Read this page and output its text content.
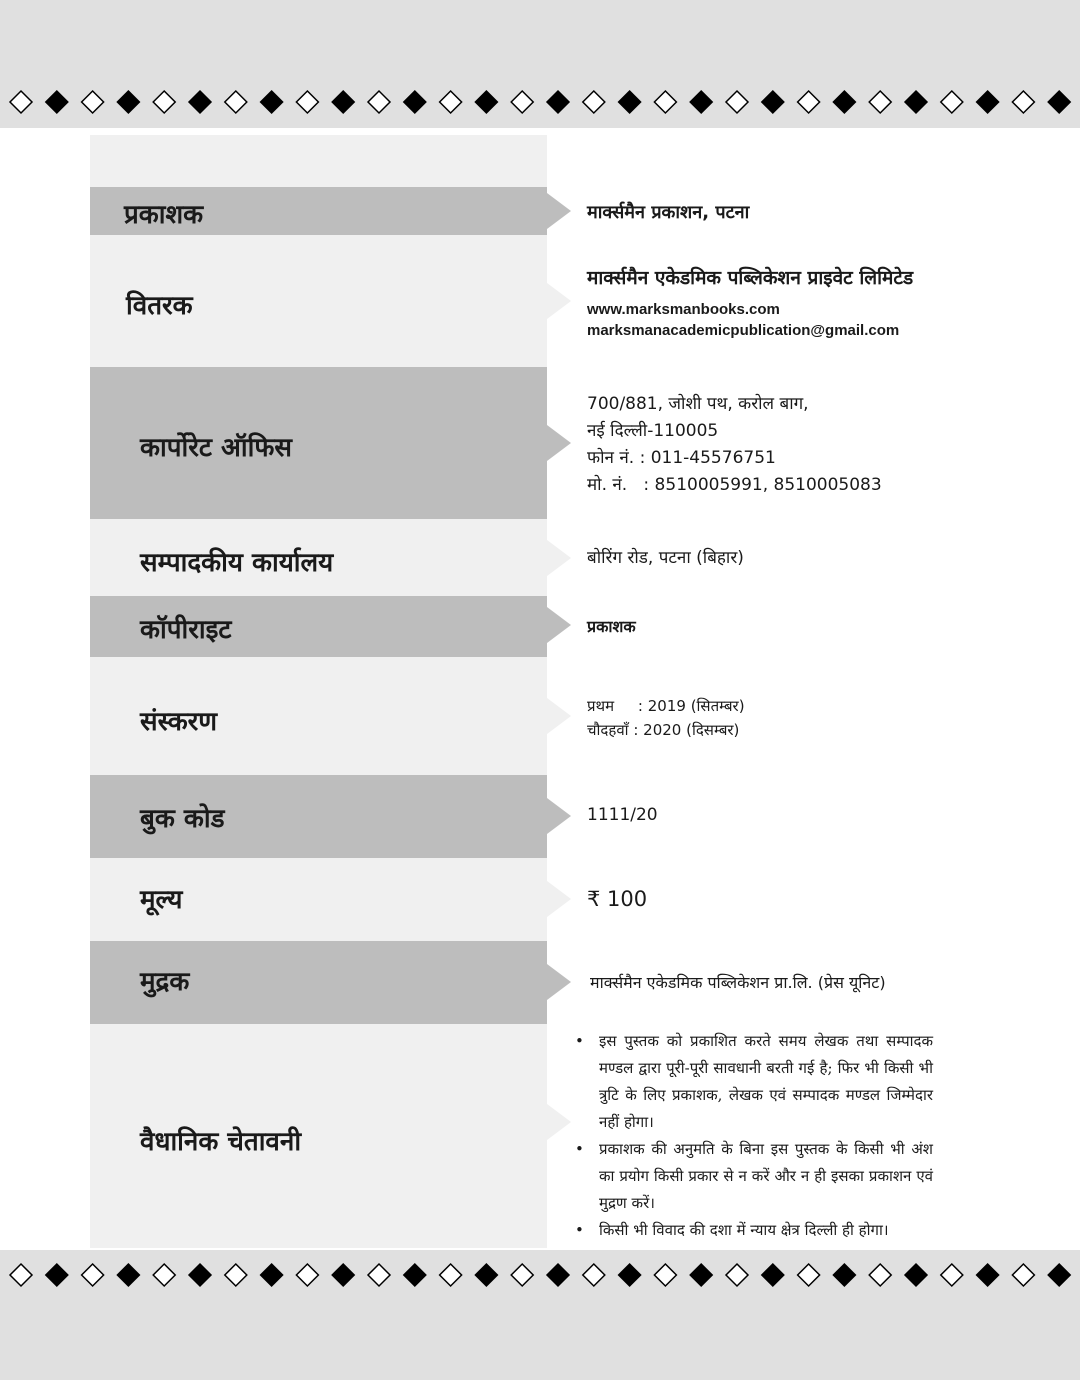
प्रकाशक
वितरक
कार्पोरेट ऑफिस
सम्पादकीय कार्यालय
कॉपीराइट
संस्करण
बुक कोड
मूल्य
मुद्रक
वैधानिक चेतावनी
मार्क्समैन प्रकाशन, पटना
मार्क्समैन एकेडमिक पब्लिकेशन प्राइवेट लिमिटेड
www.marksmanbooks.com
marksmanacademicpublication@gmail.com
700/881, जोशी पथ, करोल बाग,
नई दिल्ली-110005
फोन नं. : 011-45576751
मो. नं.   : 8510005991, 8510005083
बोरिंग रोड, पटना (बिहार)
प्रकाशक
प्रथम     : 2019 (सितम्बर)
चौदहवाँ : 2020 (दिसम्बर)
1111/20
₹ 100
मार्क्समैन एकेडमिक पब्लिकेशन प्रा.लि. (प्रेस यूनिट)
• इस पुस्तक को प्रकाशित करते समय लेखक तथा सम्पादक मण्डल द्वारा पूरी-पूरी सावधानी बरती गई है; फिर भी किसी भी त्रुटि के लिए प्रकाशक, लेखक एवं सम्पादक मण्डल जिम्मेदार नहीं होगा।
• प्रकाशक की अनुमति के बिना इस पुस्तक के किसी भी अंश का प्रयोग किसी प्रकार से न करें और न ही इसका प्रकाशन एवं मुद्रण करें।
• किसी भी विवाद की दशा में न्याय क्षेत्र दिल्ली ही होगा।
